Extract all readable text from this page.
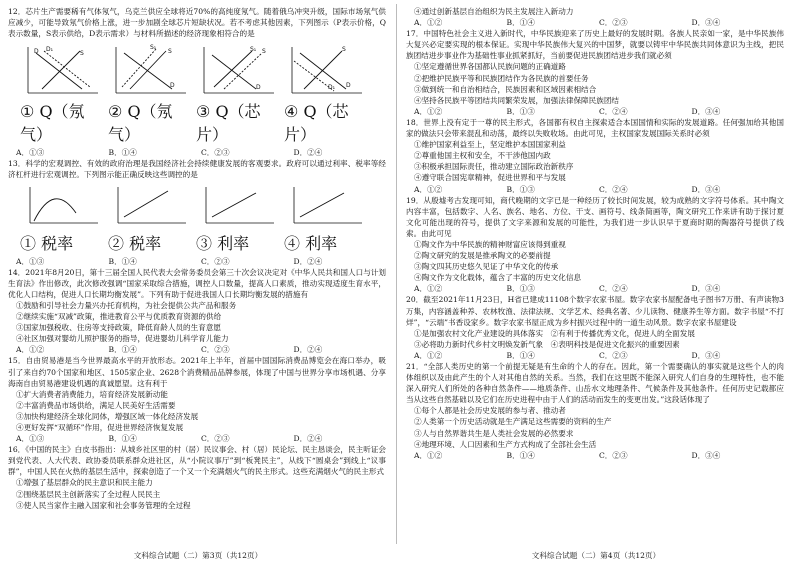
12．芯片生产需要稀有气体氖气，乌克兰供应全球将近70%的高纯度氖气。随着俄乌冲突升级，国际市场氖气供应减少，可能导致氖气价格上涨，进一步加剧全球芯片短缺状况。若不考虑其他因素，下列图示（P表示价格，Q表示数量，S表示供给，D表示需求）与材料所描述的经济现象相符合的是

S
D D₁	S
S₁
D
S₁ S
D
S
D
D₁
① Q（氖气）
② Q（氖气）
③ Q（芯片）
④ Q（芯片）
A．①③	B．①④	C．②③	D．②④

13．科学的宏观调控、有效的政府治理是我国经济社会持续健康发展的客观要求。政府可以通过利率、税率等经济杠杆进行宏观调控。下列图示能正确反映这些调控的是

① 税率	② 税率	③ 利率	④ 利率
A．①③	B．①④	C．②③	D．②④

14．2021年8月20日，第十三届全国人民代表大会常务委员会第三十次会议决定对《中华人民共和国人口与计划生育法》作出修改，此次修改强调“国家采取综合措施，调控人口数量，提高人口素质，推动实现适度生育水平，优化人口结构，促进人口长期均衡发展”。下列有助于促进我国人口长期均衡发展的措施有

①鼓励和引导社会力量兴办托育机构，为社会提供公共产品和服务

②继续实施“双减”政策，推进教育公平与优质教育资源的供给

③国家加强税收、住房等支持政策，降低育龄人员的生育意愿

④社区加强对婴幼儿照护服务的指导，促进婴幼儿科学育儿能力

A．①②	B．①④	C．②③	D．②④

15．自由贸易港是当今世界最高水平的开放形态。2021年上半年，首届中国国际消费品博览会在海口举办，吸引了来自约70个国家和地区、1505家企业、2628个消费精品品牌参展，体现了中国与世界分享市场机遇、分享海南自由贸易港建设机遇的真诚愿望。这有利于

①扩大消费者消费能力，培育经济发展新动能

②丰富消费品市场供给，满足人民美好生活需要

③加快构建经济全球化同体，增强区域一体化经济发展

④更好发挥“双循环”作用，促进世界经济恢复发展

A．①③	B．①④	C．②③	D．②④

16．《中国的民主》白皮书指出：从城乡社区里的村（居）民议事会、村（居）民论坛、民主恳谈会，民主听证会到党代表、人大代表、政协委员联系群众进社区，从“小院议事厅”到“板凳民主”，从线下“圆桌会”到线上“议事群”，中国人民在火热的基层生活中，探索创造了一个又一个充满烟火气的民主形式。这些充满烟火气的民主形式

①增强了基层群众的民主意识和民主能力

②围绕基层民主创新落实了全过程人民民主

③使人民当家作主融入国家和社会事务管理的全过程

④通过创新基层自治组织为民主发展注入新动力

A．①②	B．①④	C．②③	D．③④

17．中国特色社会主义进入新时代，中华民族迎来了历史上最好的发展时期。各族人民亲如一家，是中华民族伟大复兴必定要实现的根本保证。实现中华民族伟大复兴的中国梦，就要以铸牢中华民族共同体意识为主线，把民族团结进步事业作为基础性事业抓紧抓好，当前要促进民族团结进步我们就必须

①坚定遵循世界各国都认民族问题的正确道路

②把维护民族平等和民族团结作为各民族的首要任务

③做到统一和自治相结合，民族因素和区域因素相结合

④坚持各民族平等团结共同繁荣发展，加强法律保障民族团结

A．①②	B．①③	C．②④	D．③④

18．世界上没有定于一尊的民主形式，各国都有权自主探索适合本国国情和实际的发展道路。任何强加给其他国家的做法只会带来混乱和动荡，最终以失败收场。由此可见，主权国家发展国际关系时必须

①维护国家利益至上，坚定维护本国国家利益

②尊重他国主权和安全，不干涉他国内政

③积极承担国际责任，推动建立国际政治新秩序

④遵守联合国宪章精神，促进世界和平与发展

A．①②	B．①③	C．②④	D．③④

19．从殷墟考古发现可知，商代晚期的文字已是一种经历了较长时间发展，较为成熟的文字符号体系。其中陶文内容丰富，包括数字、人名、族名、地名、方位、干支、画符号、线条简画等，陶文研究工作来讲有助于探讨夏文化可能出现的符号，提供了文字来源和发展的可能性，为我们进一步认识早于夏商时期的陶器符号提供了线索。由此可见

①陶文作为中华民族的精神财富应该得到重视

②陶文研究的发展是推承陶文的必要前提

③陶文四其历史悠久见证了中华文化的传承

④陶文作为文化载体，蕴含了丰富的历史文化信息

A．①②	B．①③	C．②④	D．③④

20．截至2021年11月23日，H省已建成11108个数字农家书屋。数字农家书屋配备电子图书7万册、有声读物3万集，内容涵盖种养、农林牧渔、法律法规、文学艺术、经典名著、少儿读物、健康养生等方面。数字书屋“不打烊”，“云端”书香设家乡。数字农家书屋正成为乡村振兴过程中的一道生动风景。数字农家书屋建设

①是加强农村文化产业建设的具体落实　②有利于传播优秀文化，促进人的全面发展

③必将助力新时代乡村文明焕发新气象　④表明科技是促进文化振兴的重要因素

A．①②	B．①④	C．②③	D．③④

21．“全部人类历史的第一个前提无疑是有生命的个人的存在。因此，第一个需要确认的事实就是这些个人的肉体组织以及由此产生的个人对其他自然的关系。当然，我们在这里既不能深入研究人们自身的生理特性，也不能深入研究人们所处的各种自然条件——地质条件、山岳水文地理条件、气候条件及其他条件。任何历史记载都应当从这些自然基础以及它们在历史进程中由于人们的活动而发生的变更出发。”这段话体现了

①每个人都是社会历史发展的参与者、推动者

②人类第一个历史活动就是生产满足这些需要的资料的生产

③人与自然界谐共生是人类社会发展的必然要求

④地理环境、人口因素和生产方式构成了全部社会生活

A．①②	B．①④	C．②③	D．③④
文科综合试题（二）第3页（共12页）	文科综合试题（二）第4页（共12页）
